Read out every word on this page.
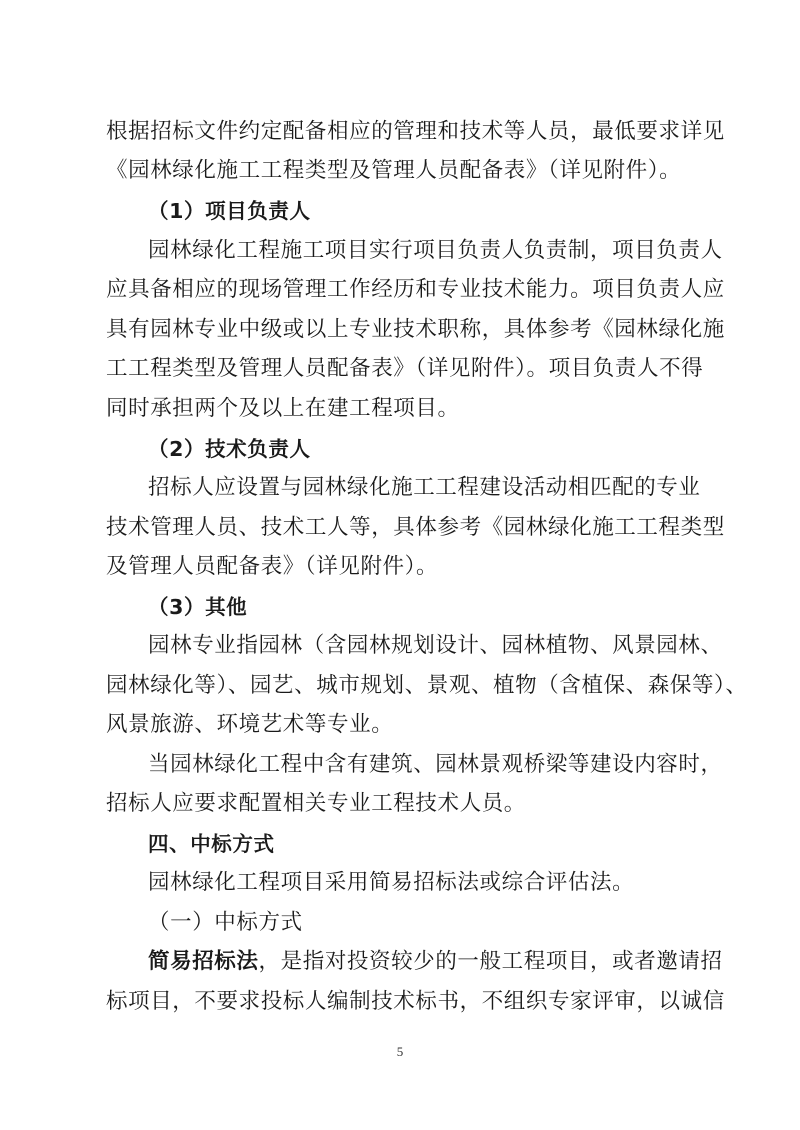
根据招标文件约定配备相应的管理和技术等人员，最低要求详见
《园林绿化施工工程类型及管理人员配备表》（详见附件）。
（1）项目负责人
园林绿化工程施工项目实行项目负责人负责制，项目负责人
应具备相应的现场管理工作经历和专业技术能力。项目负责人应
具有园林专业中级或以上专业技术职称，具体参考《园林绿化施
工工程类型及管理人员配备表》（详见附件）。项目负责人不得
同时承担两个及以上在建工程项目。
（2）技术负责人
招标人应设置与园林绿化施工工程建设活动相匹配的专业
技术管理人员、技术工人等，具体参考《园林绿化施工工程类型
及管理人员配备表》（详见附件）。
（3）其他
园林专业指园林（含园林规划设计、园林植物、风景园林、
园林绿化等）、园艺、城市规划、景观、植物（含植保、森保等）、
风景旅游、环境艺术等专业。
当园林绿化工程中含有建筑、园林景观桥梁等建设内容时，
招标人应要求配置相关专业工程技术人员。
四、中标方式
园林绿化工程项目采用简易招标法或综合评估法。
（一）中标方式
简易招标法，是指对投资较少的一般工程项目，或者邀请招
标项目，不要求投标人编制技术标书，不组织专家评审，以诚信
5
